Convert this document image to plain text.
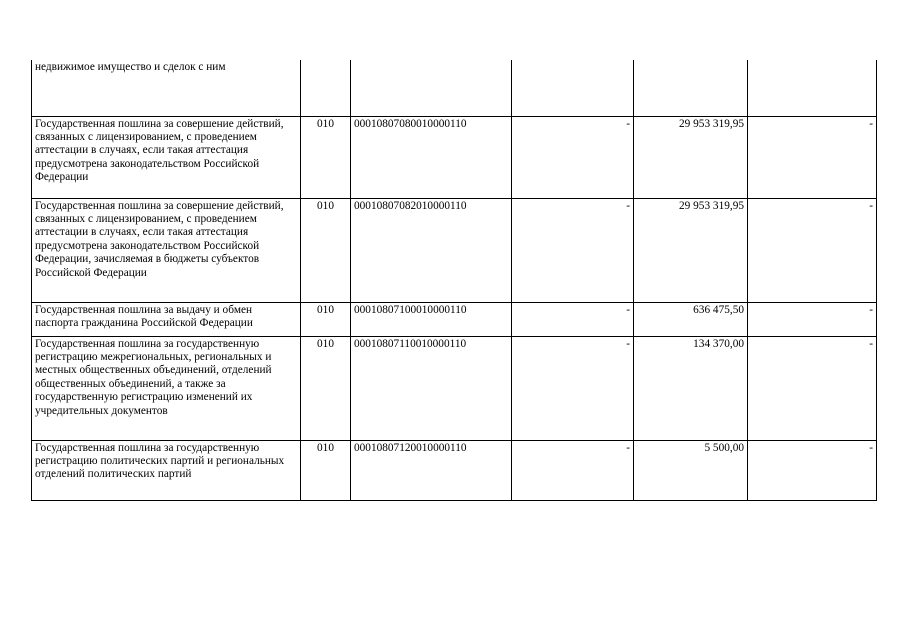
недвижимое имущество и сделок с ним					
Государственная пошлина за совершение действий, связанных с лицензированием, с проведением аттестации в случаях, если такая аттестация предусмотрена законодательством Российской Федерации	010	00010807080010000110	-	29 953 319,95	-
Государственная пошлина за совершение действий, связанных с лицензированием, с проведением аттестации в случаях, если такая аттестация предусмотрена законодательством Российской Федерации, зачисляемая в бюджеты субъектов Российской Федерации	010	00010807082010000110	-	29 953 319,95	-
Государственная пошлина за выдачу и обмен паспорта гражданина Российской Федерации	010	00010807100010000110	-	636 475,50	-
Государственная пошлина за государственную регистрацию межрегиональных, региональных и местных общественных объединений, отделений общественных объединений, а также за государственную регистрацию изменений их учредительных документов	010	00010807110010000110	-	134 370,00	-
Государственная пошлина за государственную регистрацию политических партий и региональных отделений политических партий	010	00010807120010000110	-	5 500,00	-
